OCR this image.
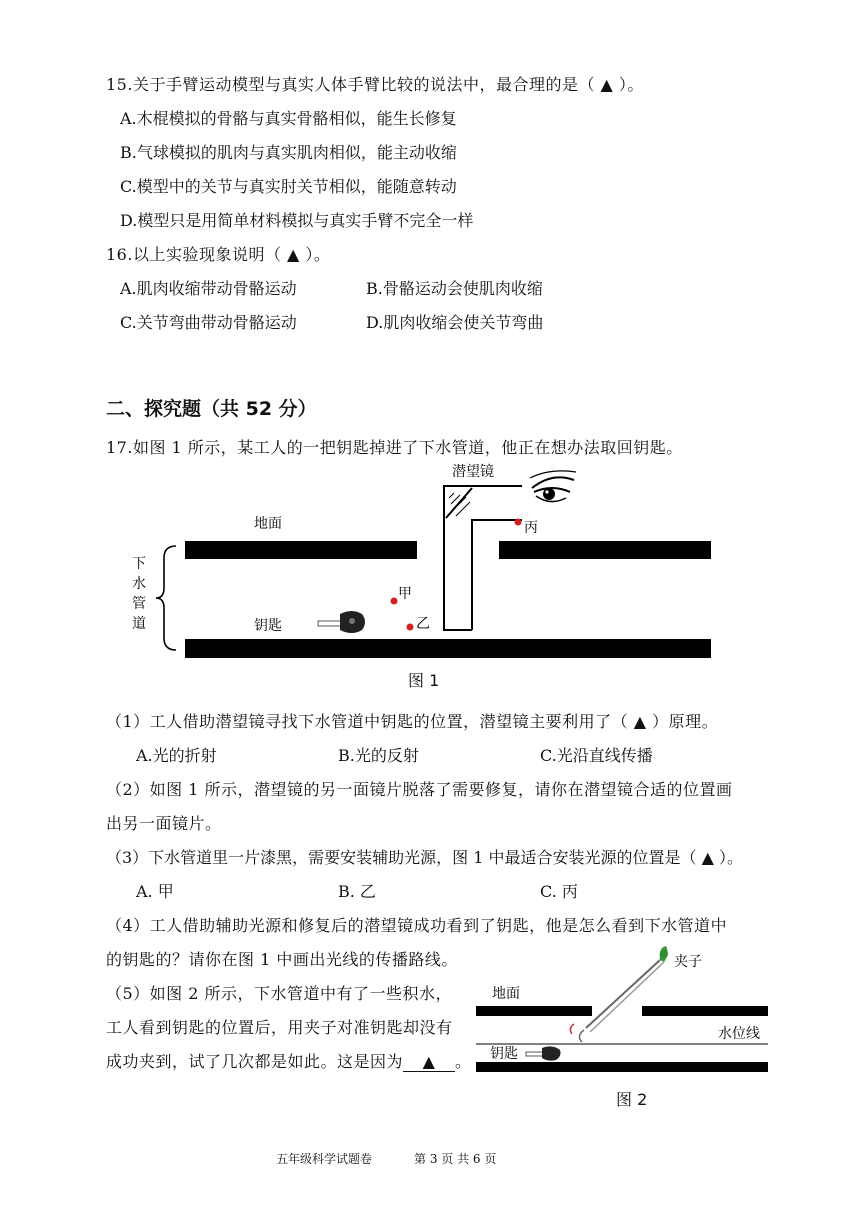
15.关于手臂运动模型与真实人体手臂比较的说法中，最合理的是（ ▲ ）。
A.木棍模拟的骨骼与真实骨骼相似，能生长修复
B.气球模拟的肌肉与真实肌肉相似，能主动收缩
C.模型中的关节与真实肘关节相似，能随意转动
D.模型只是用简单材料模拟与真实手臂不完全一样
16.以上实验现象说明（ ▲ ）。
A.肌肉收缩带动骨骼运动	B.骨骼运动会使肌肉收缩
C.关节弯曲带动骨骼运动	D.肌肉收缩会使关节弯曲
二、探究题（共 52 分）
17.如图 1 所示，某工人的一把钥匙掉进了下水管道，他正在想办法取回钥匙。
潜望镜
地面
下
水
管
道	钥匙
甲
乙
丙
图 1
（1）工人借助潜望镜寻找下水管道中钥匙的位置，潜望镜主要利用了（ ▲ ）原理。
A.光的折射	B.光的反射	C.光沿直线传播
（2）如图 1 所示，潜望镜的另一面镜片脱落了需要修复，请你在潜望镜合适的位置画
出另一面镜片。
（3）下水管道里一片漆黑，需要安装辅助光源，图 1 中最适合安装光源的位置是（ ▲ ）。
A. 甲	B. 乙	C. 丙
（4）工人借助辅助光源和修复后的潜望镜成功看到了钥匙，他是怎么看到下水管道中
的钥匙的？请你在图 1 中画出光线的传播路线。
（5）如图 2 所示，下水管道中有了一些积水，
工人看到钥匙的位置后，用夹子对准钥匙却没有
成功夹到，试了几次都是如此。这是因为 ▲ 。
夹子
地面
水位线
钥匙
图 2
五年级科学试题卷	第 3 页 共 6 页
